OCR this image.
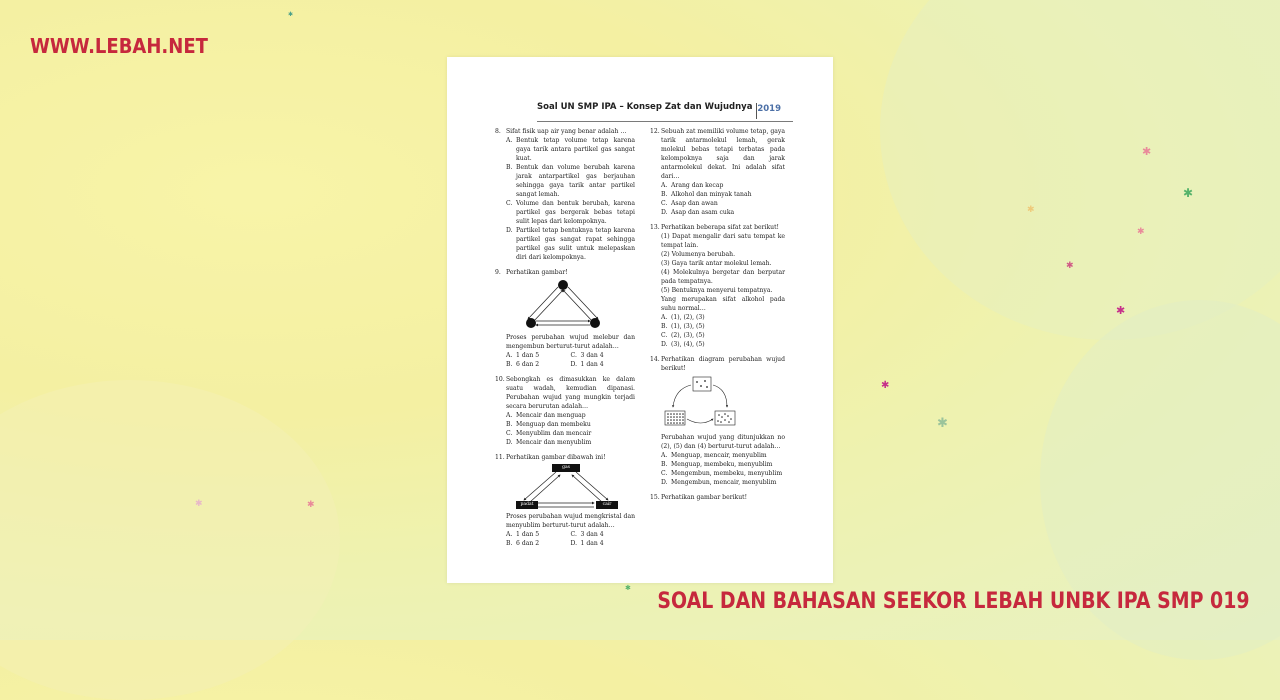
✱
✱
✱
✱
✱
✱
✱
✱
✱
✱
✱
✱
WWW.LEBAH.NET
Soal UN SMP IPA – Konsep Zat dan Wujudnya 2019
8. Sifat fisik uap air yang benar adalah …
A. Bentuk tetap volume tetap karena gaya tarik antara partikel gas sangat kuat.
B. Bentuk dan volume berubah karena jarak antarpartikel gas berjauhan sehingga gaya tarik antar partikel sangat lemah.
C. Volume dan bentuk berubah, karena partikel gas bergerak bebas tetapi sulit lepas dari kelompoknya.
D. Partikel tetap bentuknya tetap karena partikel gas sangat rapat sehingga partikel gas sulit untuk melepaskan diri dari kelompoknya.
9. Perhatikan gambar!
Proses perubahan wujud melebur dan mengembun berturut-turut adalah…
A. 1 dan 5	C. 3 dan 4
B. 6 dan 2	D. 1 dan 4
10. Sebongkah es dimasukkan ke dalam suatu wadah, kemudian dipanasi. Perubahan wujud yang mungkin terjadi secara berurutan adalah…
A. Mencair dan menguap
B. Menguap dan membeku
C. Menyublim dan mencair
D. Mencair dan menyublim
11. Perhatikan gambar dibawah ini!
gas
padat	cair
Proses perubahan wujud mengkristal dan menyublim berturut-turut adalah…
A. 1 dan 5	C. 3 dan 4
B. 6 dan 2	D. 1 dan 4
12. Sebuah zat memiliki volume tetap, gaya tarik antarmolekul lemah, gerak molekul bebas tetapi terbatas pada kelompoknya saja dan jarak antarmolekul dekat. Ini adalah sifat dari…
A. Arang dan kecap
B. Alkohol dan minyak tanah
C. Asap dan awan
D. Asap dan asam cuka
13. Perhatikan beberapa sifat zat berikut!
(1) Dapat mengalir dari satu tempat ke tempat lain.
(2) Volumenya berubah.
(3) Gaya tarik antar molekul lemah.
(4) Molekulnya bergetar dan berputar pada tempatnya.
(5) Bentuknya menyerui tempatnya.
Yang merupakan sifat alkohol pada suhu normal…
A. (1), (2), (3)
B. (1), (3), (5)
C. (2), (3), (5)
D. (3), (4), (5)
14. Perhatikan diagram perubahan wujud berikut!
Perubahan wujud yang ditunjukkan no (2), (5) dan (4) berturut-turut adalah…
A. Menguap, mencair, menyublim
B. Menguap, membeku, menyublim
C. Mengembun, membeku, menyublim
D. Mengembun, mencair, menyublim
15. Perhatikan gambar berikut!
SOAL DAN BAHASAN SEEKOR LEBAH UNBK IPA SMP 019
